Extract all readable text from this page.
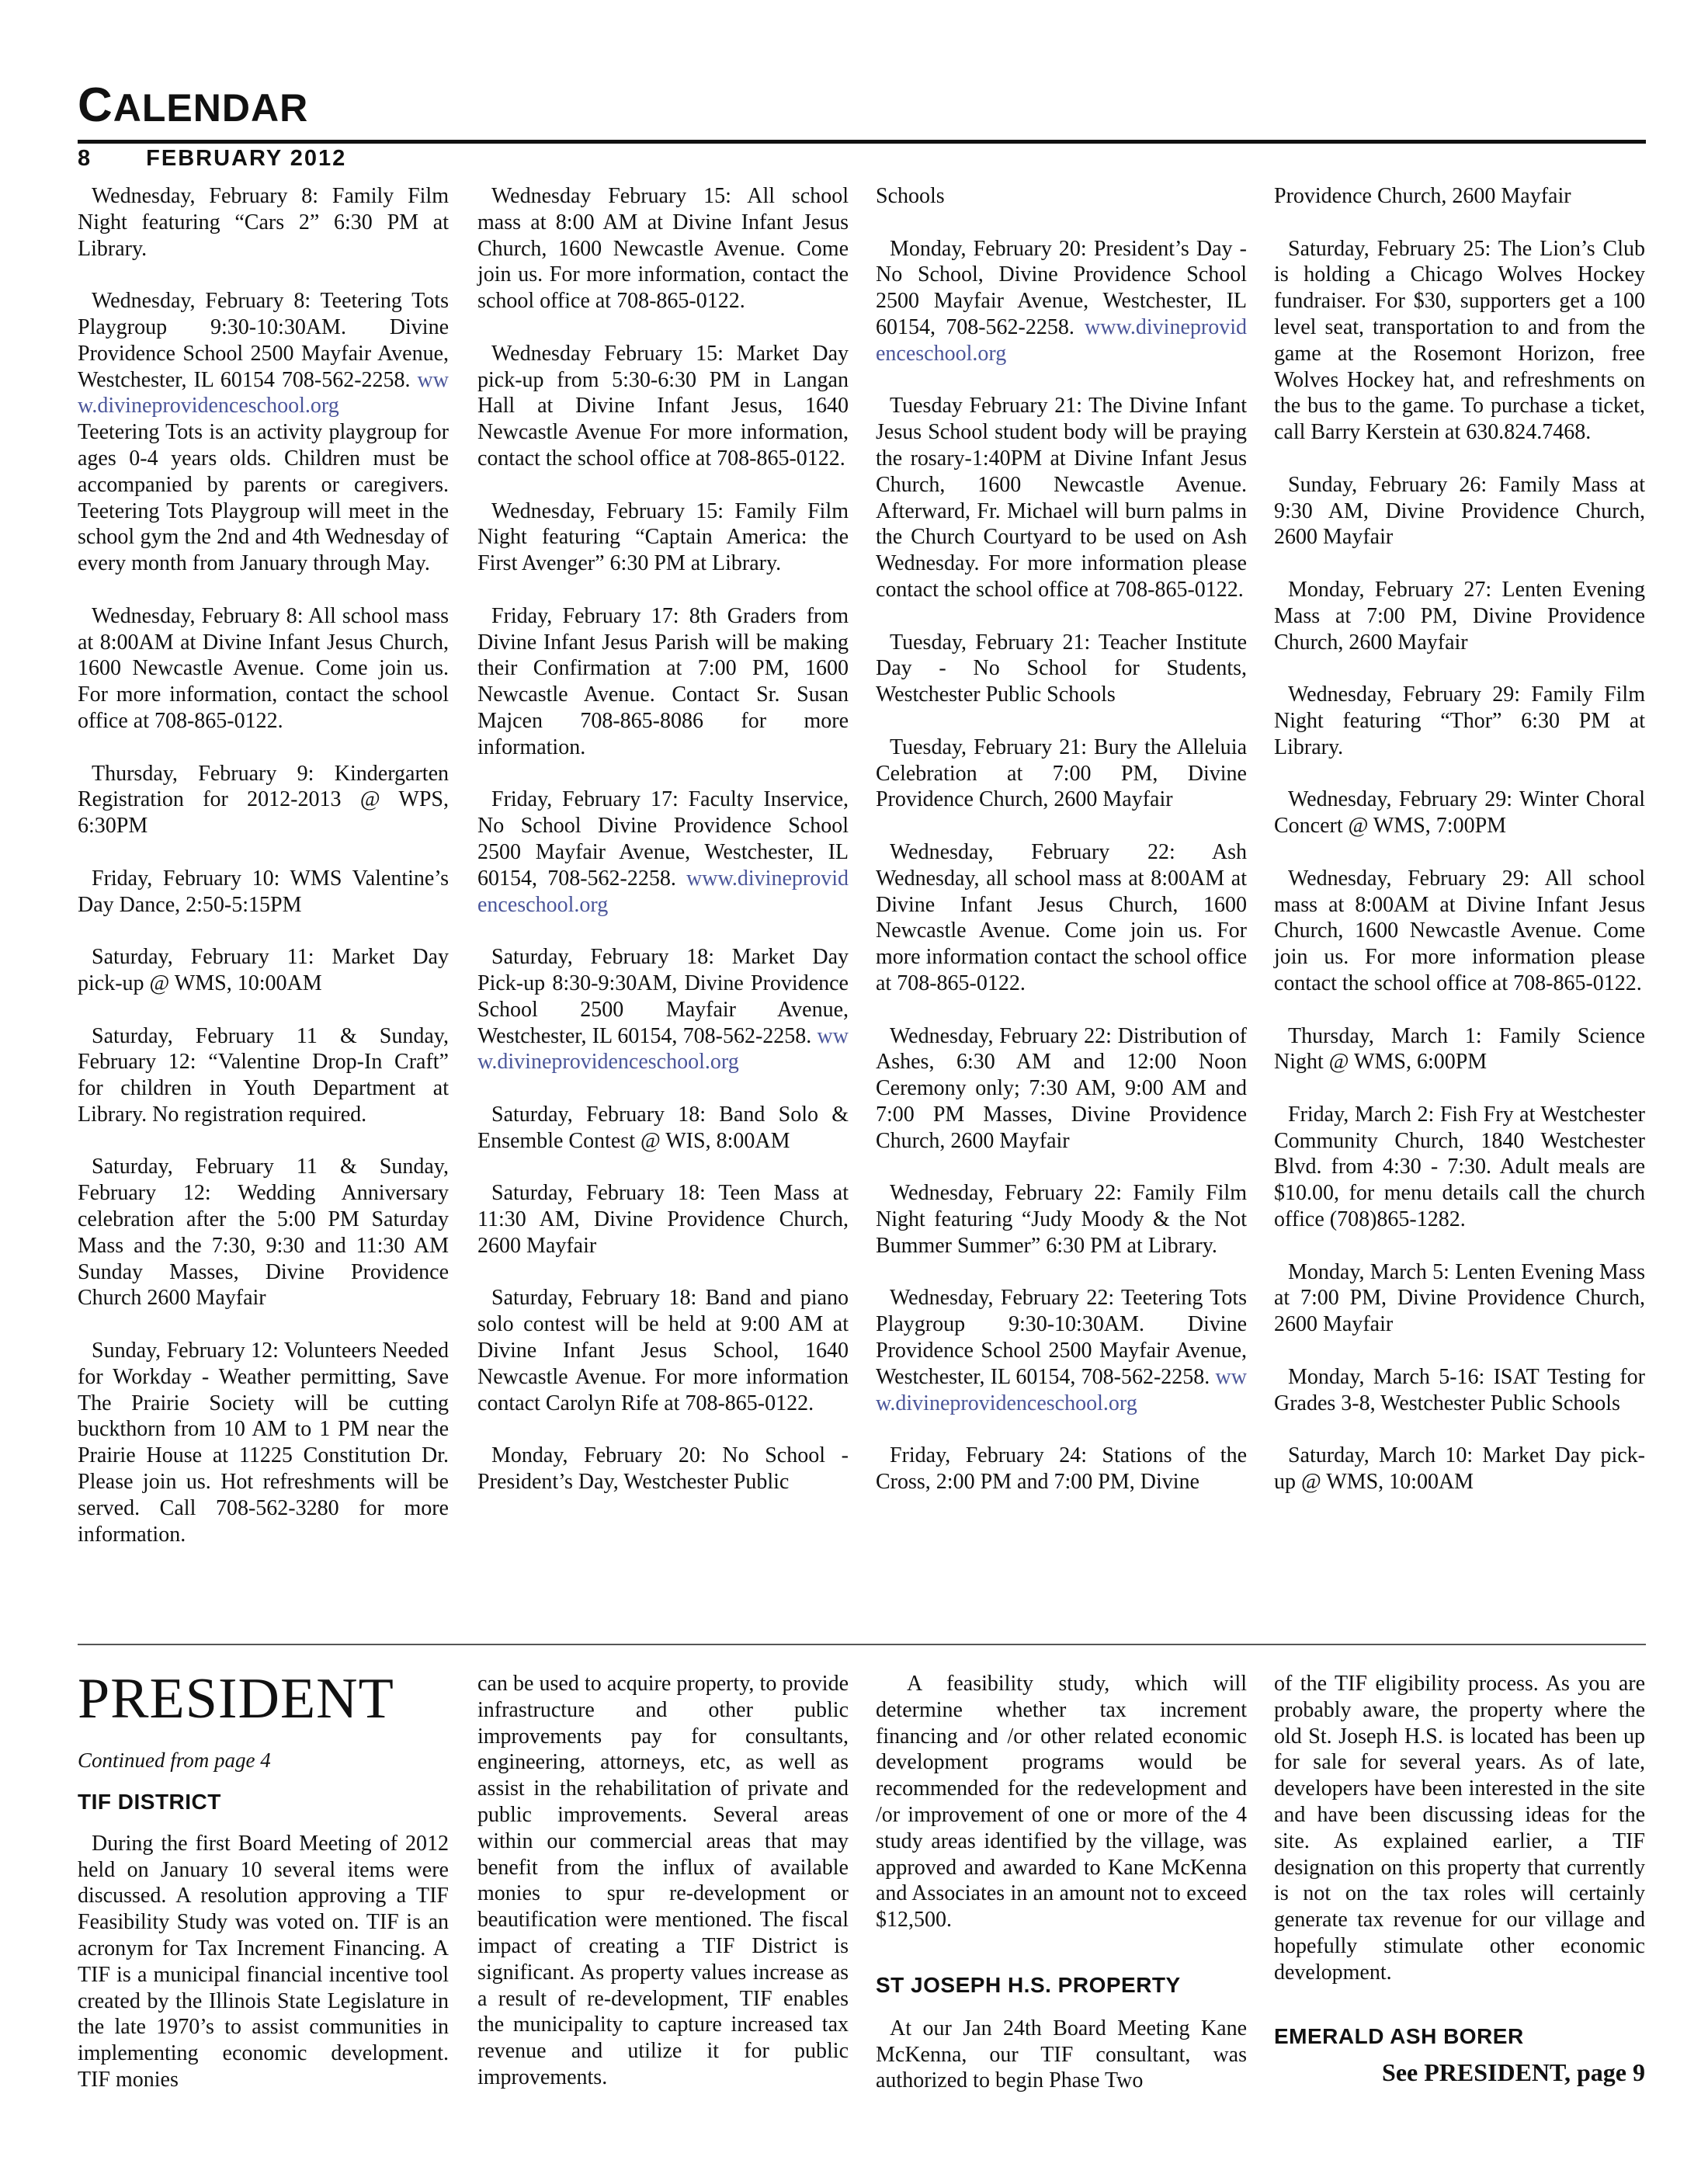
CALENDAR
8 FEBRUARY 2012

Wednesday, February 8: Family Film Night featuring “Cars 2” 6:30 PM at Library.

Wednesday, February 8: Teetering Tots Playgroup 9:30-10:30AM. Divine Providence School 2500 Mayfair Avenue, Westchester, IL 60154 708-562-2258. www.divineprovidenceschool.org

Teetering Tots is an activity playgroup for ages 0-4 years olds. Children must be accompanied by parents or caregivers. Teetering Tots Playgroup will meet in the school gym the 2nd and 4th Wednesday of every month from January through May.

Wednesday, February 8: All school mass at 8:00AM at Divine Infant Jesus Church, 1600 Newcastle Avenue. Come join us. For more information, contact the school office at 708-865-0122.

Thursday, February 9: Kindergarten Registration for 2012-2013 @ WPS, 6:30PM

Friday, February 10: WMS Valentine’s Day Dance, 2:50-5:15PM

Saturday, February 11: Market Day pick-up @ WMS, 10:00AM

Saturday, February 11 & Sunday, February 12: “Valentine Drop-In Craft” for children in Youth Department at Library. No registration required.

Saturday, February 11 & Sunday, February 12: Wedding Anniversary celebration after the 5:00 PM Saturday Mass and the 7:30, 9:30 and 11:30 AM Sunday Masses, Divine Providence Church 2600 Mayfair

Sunday, February 12: Volunteers Needed for Workday - Weather permitting, Save The Prairie Society will be cutting buckthorn from 10 AM to 1 PM near the Prairie House at 11225 Constitution Dr. Please join us. Hot refreshments will be served. Call 708-562-3280 for more information.

Wednesday February 15: All school mass at 8:00 AM at Divine Infant Jesus Church, 1600 Newcastle Avenue. Come join us. For more information, contact the school office at 708-865-0122.

Wednesday February 15: Market Day pick-up from 5:30-6:30 PM in Langan Hall at Divine Infant Jesus, 1640 Newcastle Avenue For more information, contact the school office at 708-865-0122.

Wednesday, February 15: Family Film Night featuring “Captain America: the First Avenger” 6:30 PM at Library.

Friday, February 17: 8th Graders from Divine Infant Jesus Parish will be making their Confirmation at 7:00 PM, 1600 Newcastle Avenue. Contact Sr. Susan Majcen 708-865-8086 for more information.

Friday, February 17: Faculty Inservice, No School Divine Providence School 2500 Mayfair Avenue, Westchester, IL 60154, 708-562-2258. www.divineprovidenceschool.org

Saturday, February 18: Market Day Pick-up 8:30-9:30AM, Divine Providence School 2500 Mayfair Avenue, Westchester, IL 60154, 708-562-2258. www.divineprovidenceschool.org

Saturday, February 18: Band Solo & Ensemble Contest @ WIS, 8:00AM

Saturday, February 18: Teen Mass at 11:30 AM, Divine Providence Church, 2600 Mayfair

Saturday, February 18: Band and piano solo contest will be held at 9:00 AM at Divine Infant Jesus School, 1640 Newcastle Avenue. For more information contact Carolyn Rife at 708-865-0122.

Monday, February 20: No School - President’s Day, Westchester Public

Schools

Monday, February 20: President’s Day - No School, Divine Providence School 2500 Mayfair Avenue, Westchester, IL 60154, 708-562-2258. www.divineprovidenceschool.org

Tuesday February 21: The Divine Infant Jesus School student body will be praying the rosary-1:40PM at Divine Infant Jesus Church, 1600 Newcastle Avenue. Afterward, Fr. Michael will burn palms in the Church Courtyard to be used on Ash Wednesday. For more information please contact the school office at 708-865-0122.

Tuesday, February 21: Teacher Institute Day - No School for Students, Westchester Public Schools

Tuesday, February 21: Bury the Alleluia Celebration at 7:00 PM, Divine Providence Church, 2600 Mayfair

Wednesday, February 22: Ash Wednesday, all school mass at 8:00AM at Divine Infant Jesus Church, 1600 Newcastle Avenue. Come join us. For more information contact the school office at 708-865-0122.

Wednesday, February 22: Distribution of Ashes, 6:30 AM and 12:00 Noon Ceremony only; 7:30 AM, 9:00 AM and 7:00 PM Masses, Divine Providence Church, 2600 Mayfair

Wednesday, February 22: Family Film Night featuring “Judy Moody & the Not Bummer Summer” 6:30 PM at Library.

Wednesday, February 22: Teetering Tots Playgroup 9:30-10:30AM. Divine Providence School 2500 Mayfair Avenue, Westchester, IL 60154, 708-562-2258. www.divineprovidenceschool.org

Friday, February 24: Stations of the Cross, 2:00 PM and 7:00 PM, Divine

Providence Church, 2600 Mayfair

Saturday, February 25: The Lion’s Club is holding a Chicago Wolves Hockey fundraiser. For $30, supporters get a 100 level seat, transportation to and from the game at the Rosemont Horizon, free Wolves Hockey hat, and refreshments on the bus to the game. To purchase a ticket, call Barry Kerstein at 630.824.7468.

Sunday, February 26: Family Mass at 9:30 AM, Divine Providence Church, 2600 Mayfair

Monday, February 27: Lenten Evening Mass at 7:00 PM, Divine Providence Church, 2600 Mayfair

Wednesday, February 29: Family Film Night featuring “Thor” 6:30 PM at Library.

Wednesday, February 29: Winter Choral Concert @ WMS, 7:00PM

Wednesday, February 29: All school mass at 8:00AM at Divine Infant Jesus Church, 1600 Newcastle Avenue. Come join us. For more information please contact the school office at 708-865-0122.

Thursday, March 1: Family Science Night @ WMS, 6:00PM

Friday, March 2: Fish Fry at Westchester Community Church, 1840 Westchester Blvd. from 4:30 - 7:30. Adult meals are $10.00, for menu details call the church office (708)865-1282.

Monday, March 5: Lenten Evening Mass at 7:00 PM, Divine Providence Church, 2600 Mayfair

Monday, March 5-16: ISAT Testing for Grades 3-8, Westchester Public Schools

Saturday, March 10: Market Day pick-up @ WMS, 10:00AM

PRESIDENT
Continued from page 4
TIF DISTRICT

During the first Board Meeting of 2012 held on January 10 several items were discussed. A resolution approving a TIF Feasibility Study was voted on. TIF is an acronym for Tax Increment Financing. A TIF is a municipal financial incentive tool created by the Illinois State Legislature in the late 1970’s to assist communities in implementing economic development. TIF monies

can be used to acquire property, to provide infrastructure and other public improvements pay for consultants, engineering, attorneys, etc, as well as assist in the rehabilitation of private and public improvements. Several areas within our commercial areas that may benefit from the influx of available monies to spur re-development or beautification were mentioned. The fiscal impact of creating a TIF District is significant. As property values increase as a result of re-development, TIF enables the municipality to capture increased tax revenue and utilize it for public improvements.

A feasibility study, which will determine whether tax increment financing and /or other related economic development programs would be recommended for the redevelopment and /or improvement of one or more of the 4 study areas identified by the village, was approved and awarded to Kane McKenna and Associates in an amount not to exceed $12,500.

ST JOSEPH H.S. PROPERTY

At our Jan 24th Board Meeting Kane McKenna, our TIF consultant, was authorized to begin Phase Two

of the TIF eligibility process. As you are probably aware, the property where the old St. Joseph H.S. is located has been up for sale for several years. As of late, developers have been interested in the site and have been discussing ideas for the site. As explained earlier, a TIF designation on this property that currently is not on the tax roles will certainly generate tax revenue for our village and hopefully stimulate other economic development.

EMERALD ASH BORER
See PRESIDENT, page 9
